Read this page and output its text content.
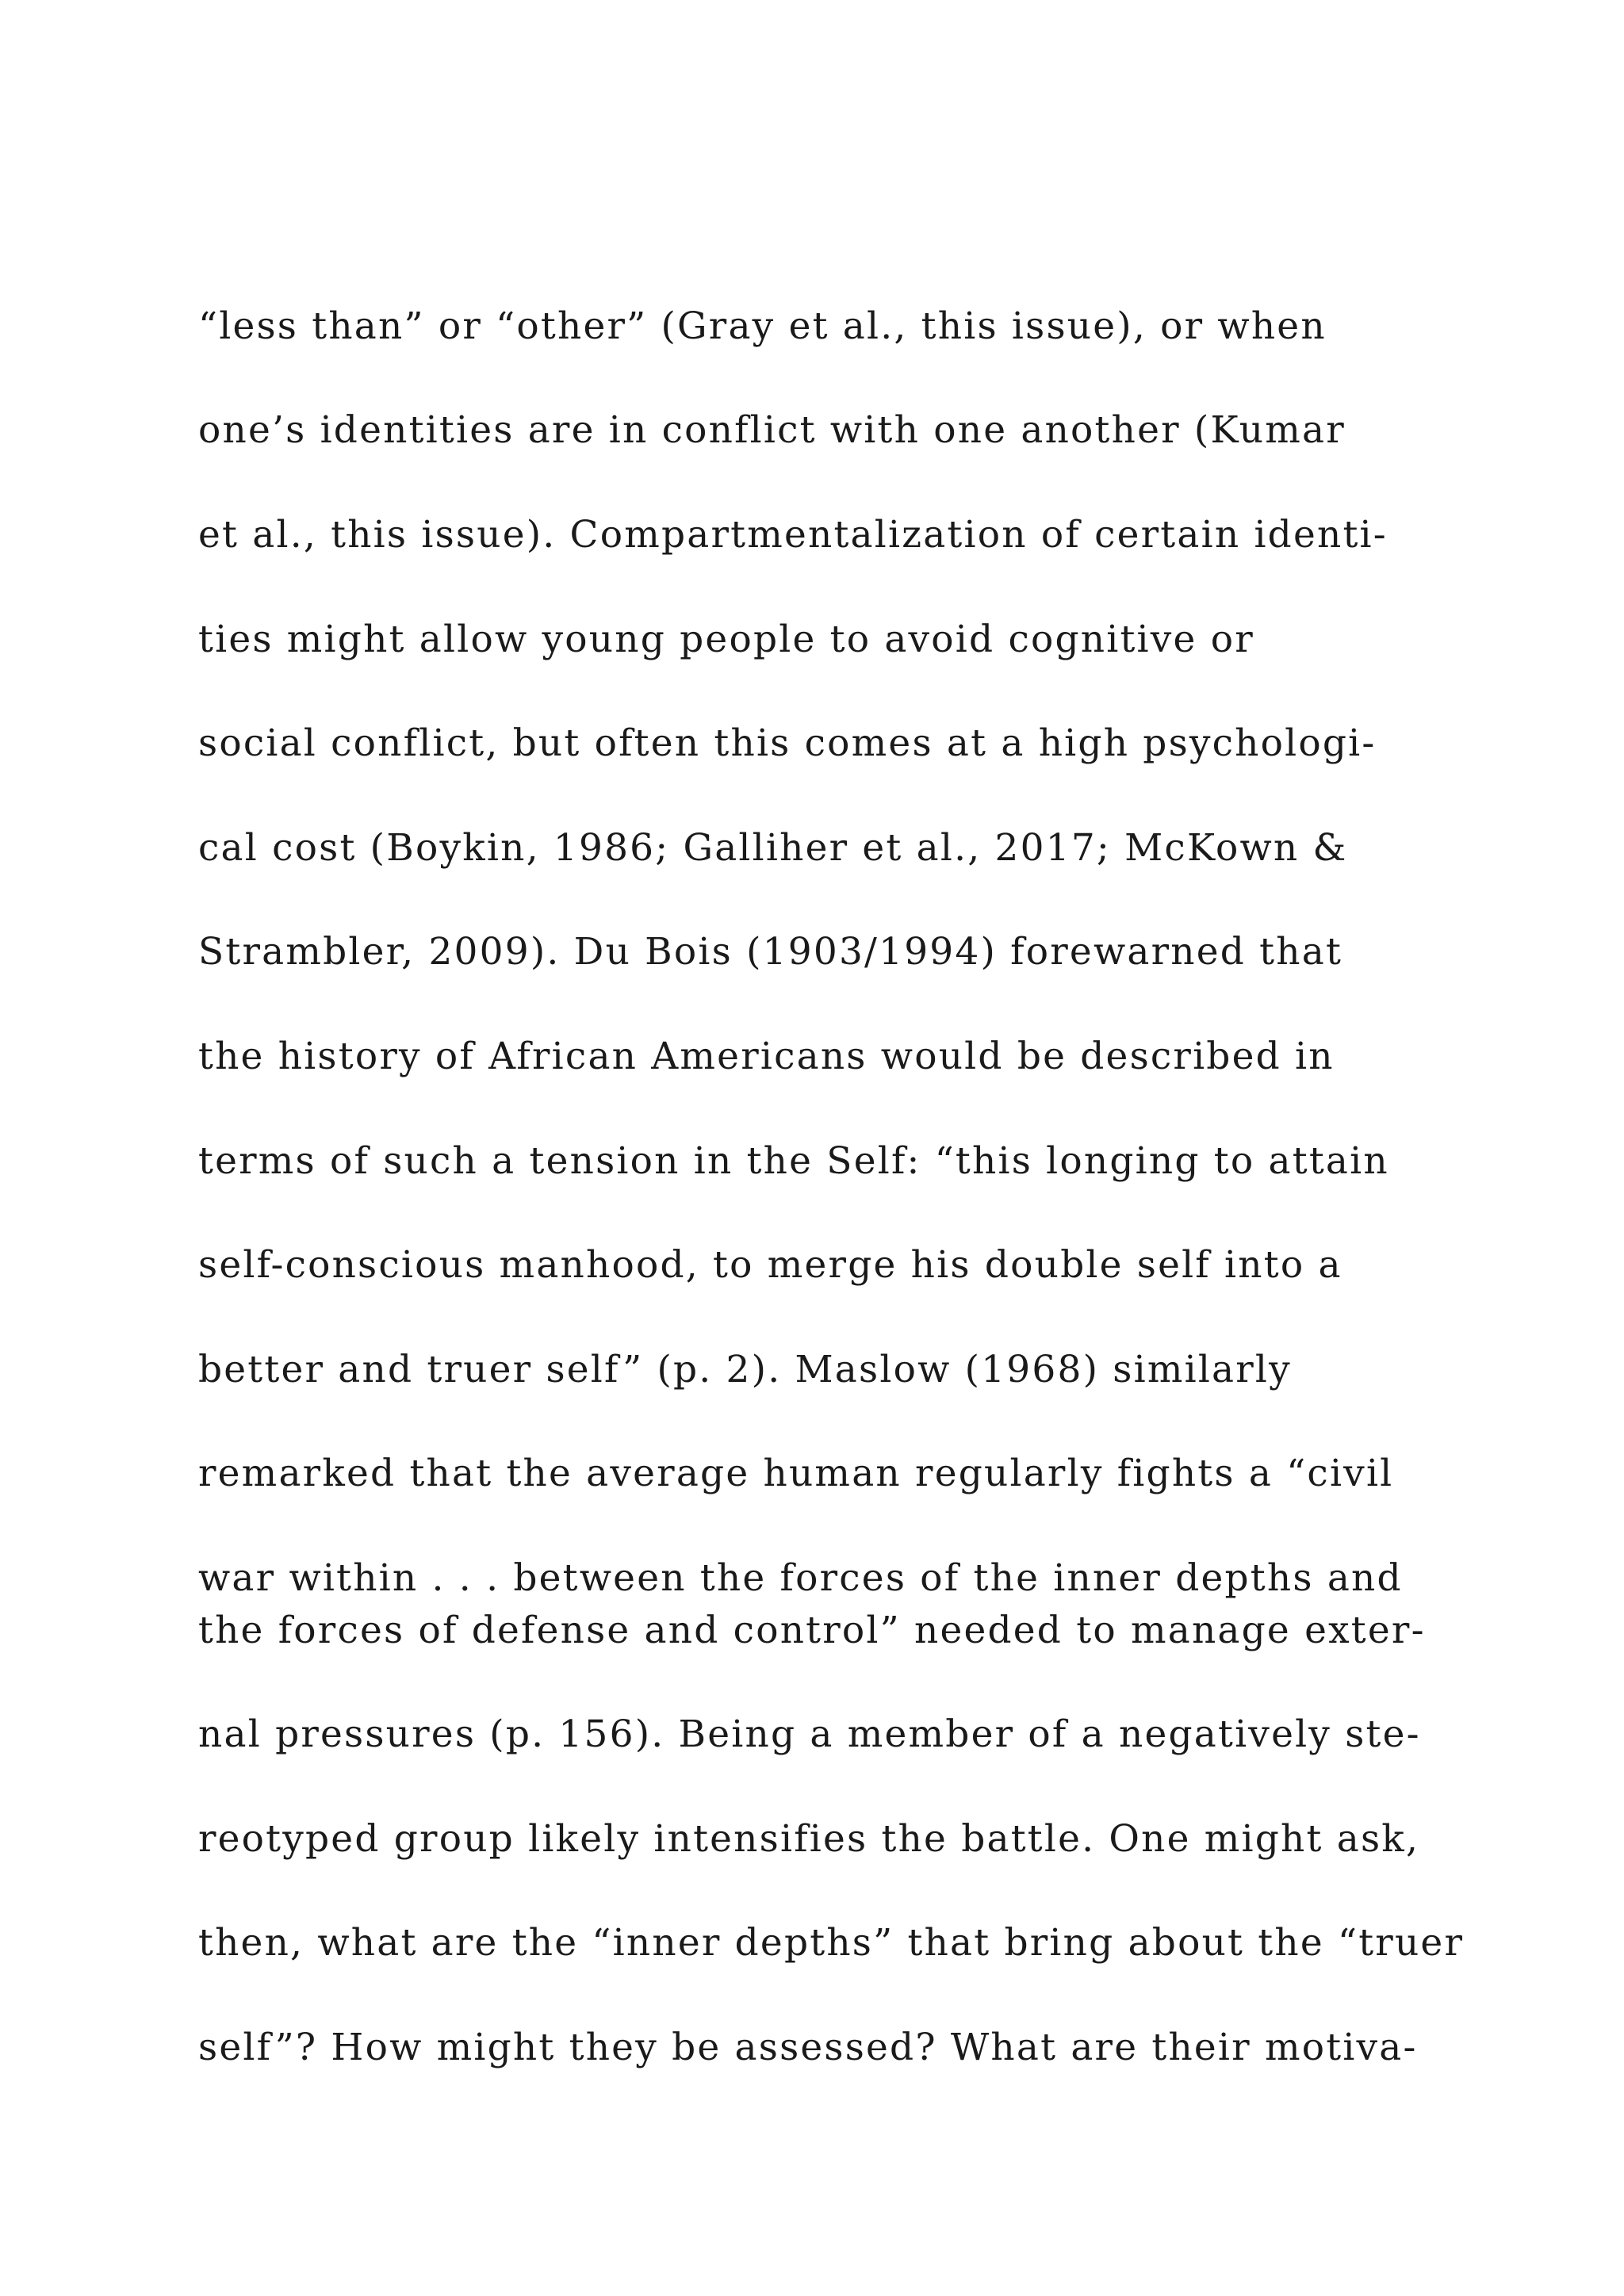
“less than” or “other” (Gray et al., this issue), or when
one’s identities are in conflict with one another (Kumar
et al., this issue). Compartmentalization of certain identi-
ties might allow young people to avoid cognitive or
social conflict, but often this comes at a high psychologi-
cal cost (Boykin, 1986; Galliher et al., 2017; McKown &
Strambler, 2009). Du Bois (1903/1994) forewarned that
the history of African Americans would be described in
terms of such a tension in the Self: “this longing to attain
self-conscious manhood, to merge his double self into a
better and truer self” (p. 2). Maslow (1968) similarly
remarked that the average human regularly fights a “civil
war within . . . between the forces of the inner depths and
the forces of defense and control” needed to manage exter-
nal pressures (p. 156). Being a member of a negatively ste-
reotyped group likely intensifies the battle. One might ask,
then, what are the “inner depths” that bring about the “truer
self”? How might they be assessed? What are their motiva-
